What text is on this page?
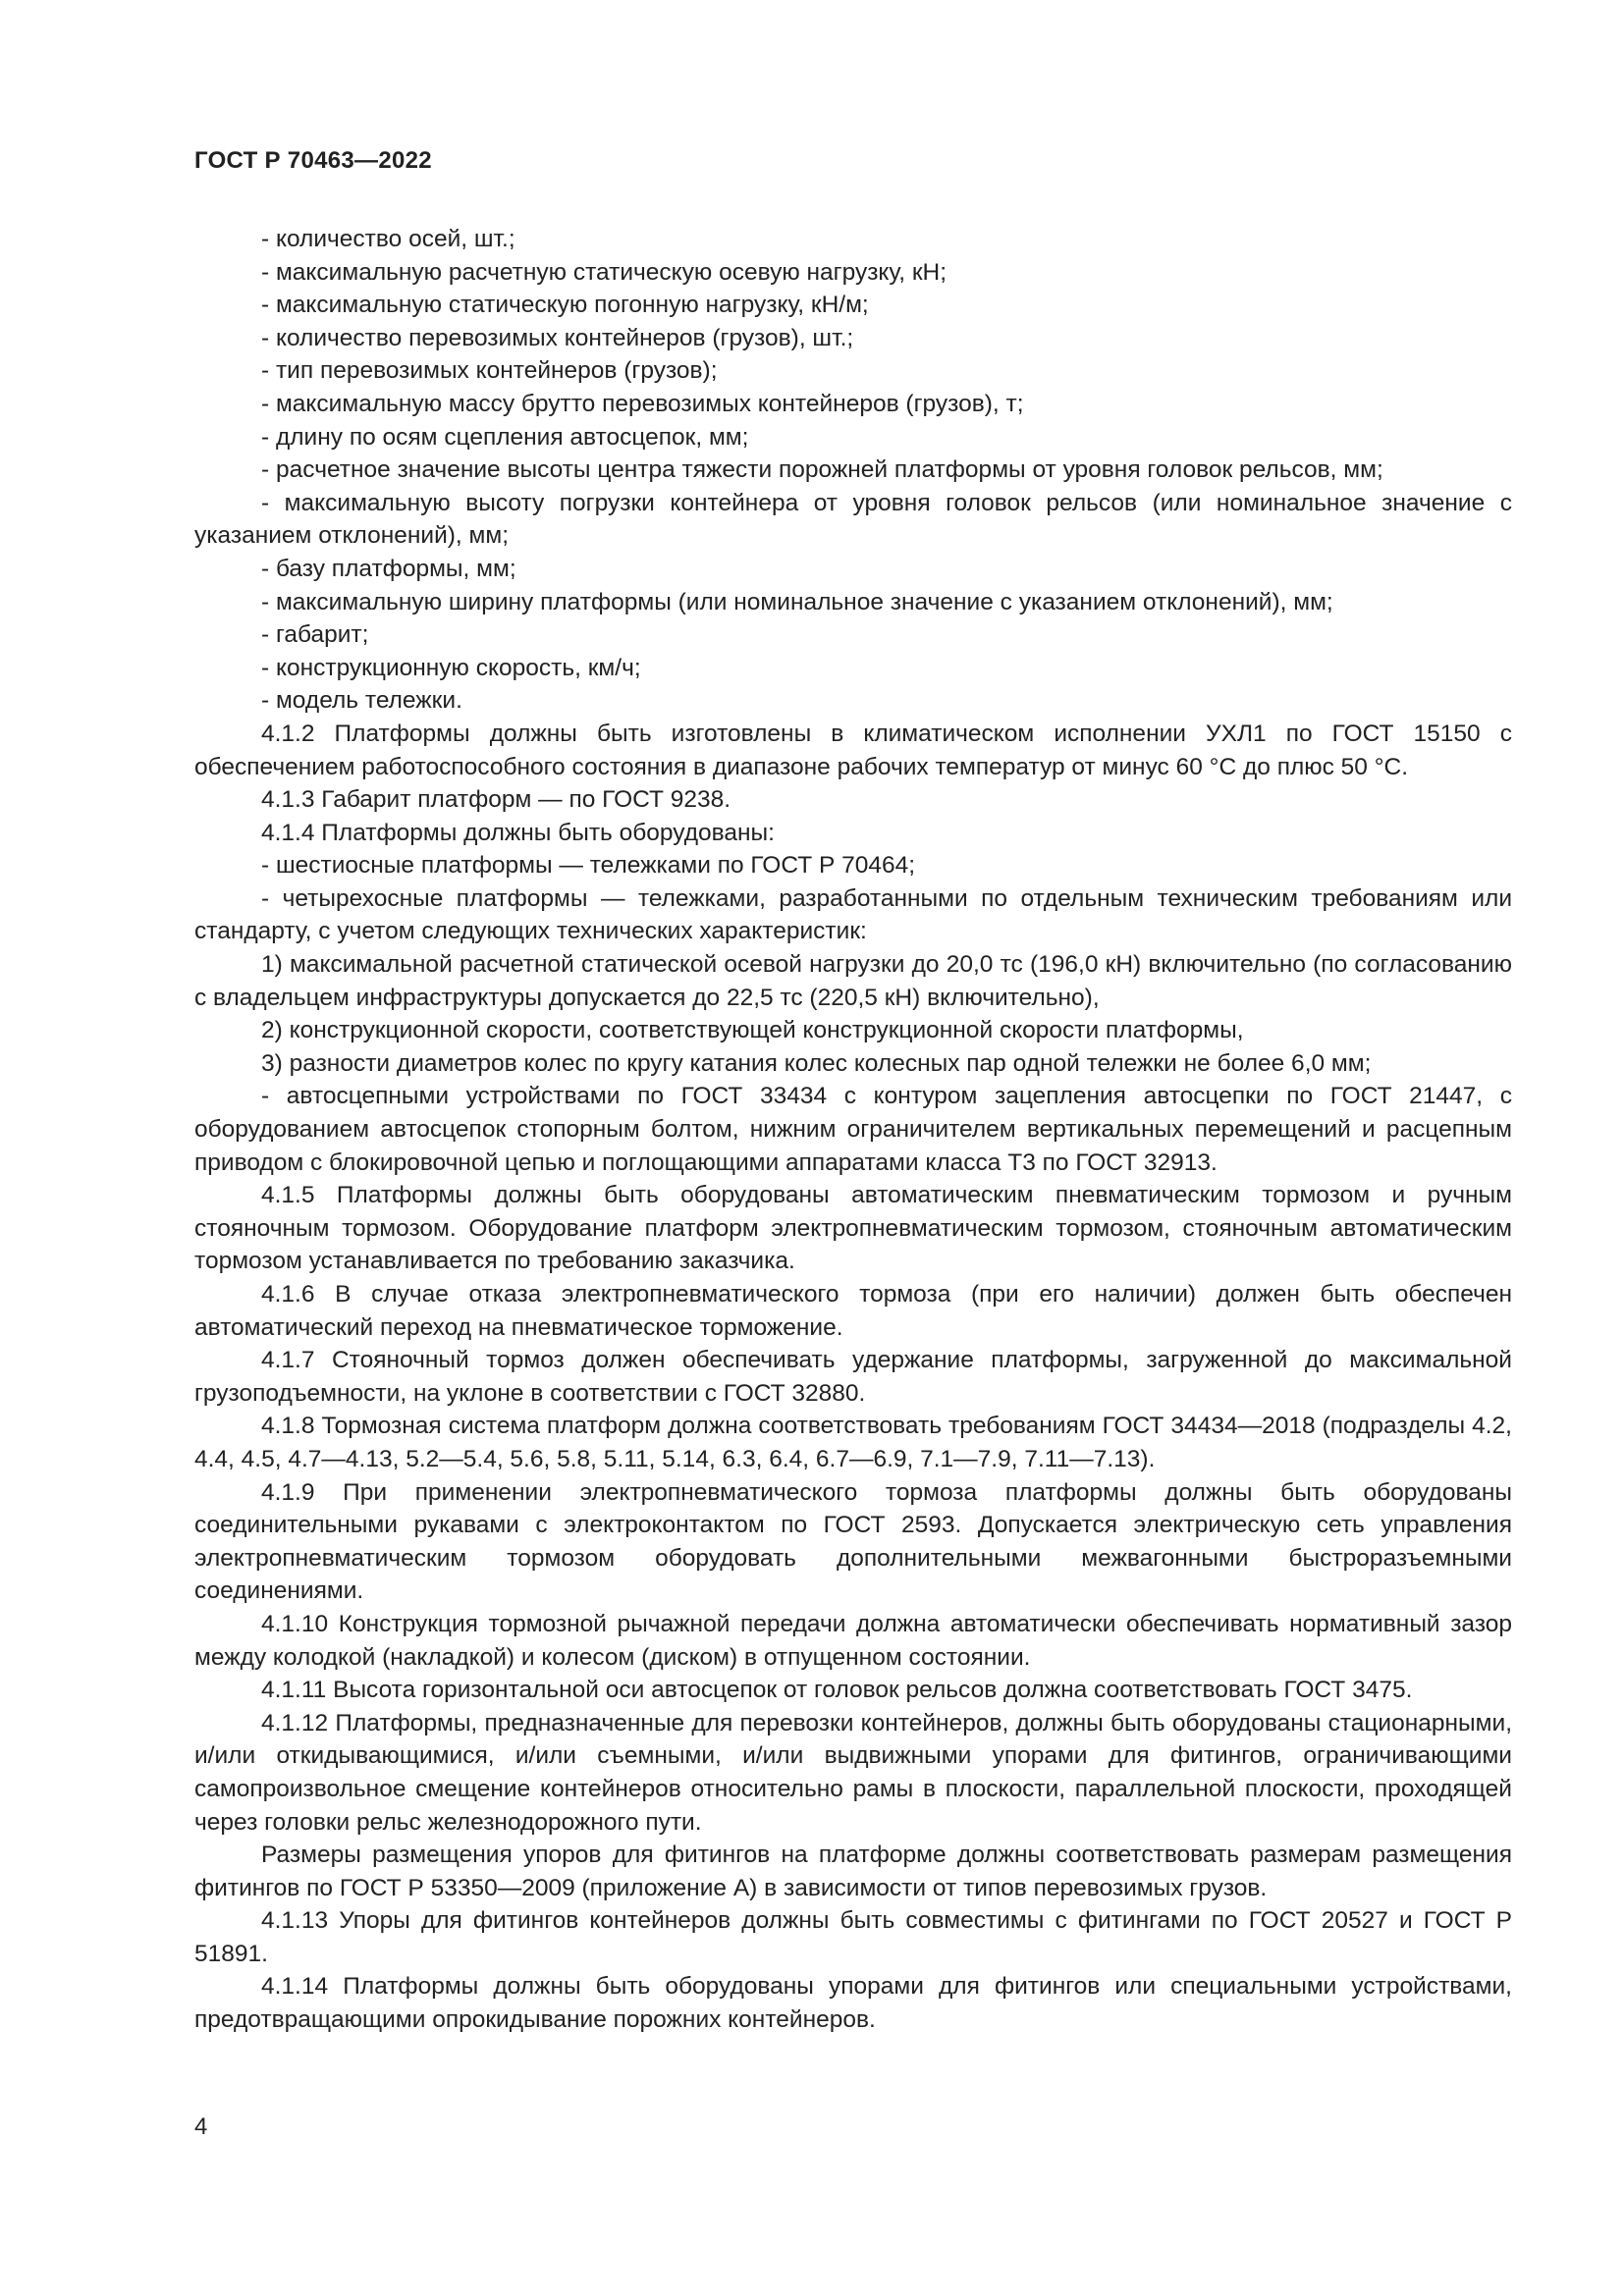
ГОСТ Р 70463—2022

- количество осей, шт.;

- максимальную расчетную статическую осевую нагрузку, кН;

- максимальную статическую погонную нагрузку, кН/м;

- количество перевозимых контейнеров (грузов), шт.;

- тип перевозимых контейнеров (грузов);

- максимальную массу брутто перевозимых контейнеров (грузов), т;

- длину по осям сцепления автосцепок, мм;

- расчетное значение высоты центра тяжести порожней платформы от уровня головок рельсов, мм;

- максимальную высоту погрузки контейнера от уровня головок рельсов (или номинальное значение с указанием отклонений), мм;

- базу платформы, мм;

- максимальную ширину платформы (или номинальное значение с указанием отклонений), мм;

- габарит;

- конструкционную скорость, км/ч;

- модель тележки.

4.1.2 Платформы должны быть изготовлены в климатическом исполнении УХЛ1 по ГОСТ 15150 с обеспечением работоспособного состояния в диапазоне рабочих температур от минус 60 °С до плюс 50 °С.

4.1.3 Габарит платформ — по ГОСТ 9238.

4.1.4 Платформы должны быть оборудованы:

- шестиосные платформы — тележками по ГОСТ Р 70464;

- четырехосные платформы — тележками, разработанными по отдельным техническим требованиям или стандарту, с учетом следующих технических характеристик:

1) максимальной расчетной статической осевой нагрузки до 20,0 тс (196,0 кН) включительно (по согласованию с владельцем инфраструктуры допускается до 22,5 тс (220,5 кН) включительно),

2) конструкционной скорости, соответствующей конструкционной скорости платформы,

3) разности диаметров колес по кругу катания колес колесных пар одной тележки не более 6,0 мм;

- автосцепными устройствами по ГОСТ 33434 с контуром зацепления автосцепки по ГОСТ 21447, с оборудованием автосцепок стопорным болтом, нижним ограничителем вертикальных перемещений и расцепным приводом с блокировочной цепью и поглощающими аппаратами класса Т3 по ГОСТ 32913.

4.1.5 Платформы должны быть оборудованы автоматическим пневматическим тормозом и ручным стояночным тормозом. Оборудование платформ электропневматическим тормозом, стояночным автоматическим тормозом устанавливается по требованию заказчика.

4.1.6 В случае отказа электропневматического тормоза (при его наличии) должен быть обеспечен автоматический переход на пневматическое торможение.

4.1.7 Стояночный тормоз должен обеспечивать удержание платформы, загруженной до максимальной грузоподъемности, на уклоне в соответствии с ГОСТ 32880.

4.1.8 Тормозная система платформ должна соответствовать требованиям ГОСТ 34434—2018 (подразделы 4.2, 4.4, 4.5, 4.7—4.13, 5.2—5.4, 5.6, 5.8, 5.11, 5.14, 6.3, 6.4, 6.7—6.9, 7.1—7.9, 7.11—7.13).

4.1.9 При применении электропневматического тормоза платформы должны быть оборудованы соединительными рукавами с электроконтактом по ГОСТ 2593. Допускается электрическую сеть управления электропневматическим тормозом оборудовать дополнительными межвагонными быстроразъемными соединениями.

4.1.10 Конструкция тормозной рычажной передачи должна автоматически обеспечивать нормативный зазор между колодкой (накладкой) и колесом (диском) в отпущенном состоянии.

4.1.11 Высота горизонтальной оси автосцепок от головок рельсов должна соответствовать ГОСТ 3475.

4.1.12 Платформы, предназначенные для перевозки контейнеров, должны быть оборудованы стационарными, и/или откидывающимися, и/или съемными, и/или выдвижными упорами для фитингов, ограничивающими самопроизвольное смещение контейнеров относительно рамы в плоскости, параллельной плоскости, проходящей через головки рельс железнодорожного пути.

Размеры размещения упоров для фитингов на платформе должны соответствовать размерам размещения фитингов по ГОСТ Р 53350—2009 (приложение А) в зависимости от типов перевозимых грузов.

4.1.13 Упоры для фитингов контейнеров должны быть совместимы с фитингами по ГОСТ 20527 и ГОСТ Р 51891.

4.1.14 Платформы должны быть оборудованы упорами для фитингов или специальными устройствами, предотвращающими опрокидывание порожних контейнеров.

4
